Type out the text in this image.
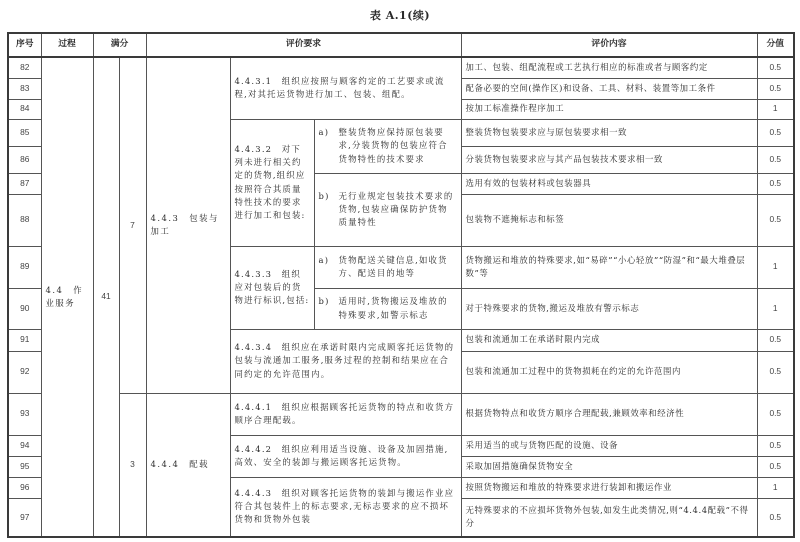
表 A.1(续)
序号	过程	满分		评价要求			评价内容	分值
82	4.4　作业服务	41	7	4.4.3　包装与加工	4.4.3.1　组织应按照与顾客约定的工艺要求或流程,对其托运货物进行加工、包装、组配。		加工、包装、组配流程或工艺执行相应的标准或者与顾客约定	0.5
83							配备必要的空间(操作区)和设备、工具、材料、装置等加工条件	0.5
84							按加工标准操作程序加工	1
85					4.4.3.2　对下列未进行相关约定的货物,组织应按照符合其质量特性技术的要求进行加工和包装:	a) 整装货物应保持原包装要求,分装货物的包装应符合货物特性的技术要求	整装货物包装要求应与原包装要求相一致	0.5
86							分装货物包装要求应与其产品包装技术要求相一致	0.5
87						b) 无行业规定包装技术要求的货物,包装应确保防护货物质量特性	选用有效的包装材料或包装器具	0.5
88							包装物不遮掩标志和标签	0.5
89					4.4.3.3　组织应对包装后的货物进行标识,包括:	a) 货物配送关键信息,如收货方、配送目的地等	货物搬运和堆放的特殊要求,如“易碎”“小心轻放”“防湿”和“最大堆叠层数”等	1
90						b) 适用时,货物搬运及堆放的特殊要求,如警示标志	对于特殊要求的货物,搬运及堆放有警示标志	1
91					4.4.3.4　组织应在承诺时限内完成顾客托运货物的包装与流通加工服务,服务过程的控制和结果应在合同约定的允许范围内。		包装和流通加工在承诺时限内完成	0.5
92							包装和流通加工过程中的货物损耗在约定的允许范围内	0.5
93			3	4.4.4　配载	4.4.4.1　组织应根据顾客托运货物的特点和收货方顺序合理配载。		根据货物特点和收货方顺序合理配载,兼顾效率和经济性	0.5
94					4.4.4.2　组织应利用适当设施、设备及加固措施,高效、安全的装卸与搬运顾客托运货物。		采用适当的或与货物匹配的设施、设备	0.5
95							采取加固措施确保货物安全	0.5
96					4.4.4.3　组织对顾客托运货物的装卸与搬运作业应符合其包装件上的标志要求,无标志要求的应不损坏货物和货物外包装		按照货物搬运和堆放的特殊要求进行装卸和搬运作业	1
97							无特殊要求的不应损坏货物外包装,如发生此类情况,则“4.4.4配载”不得分	0.5
